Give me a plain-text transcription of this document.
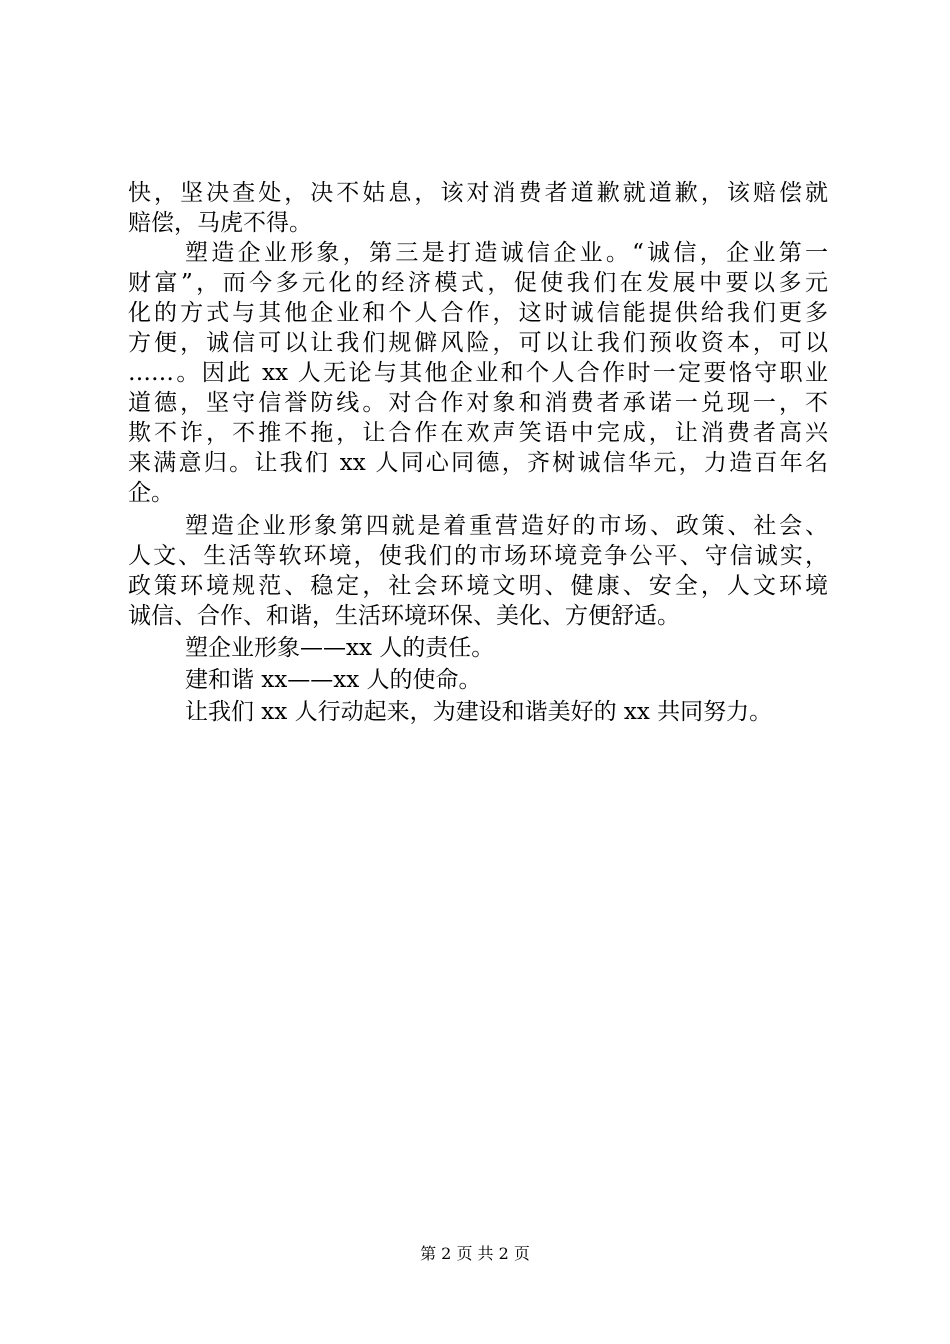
快，坚决查处，决不姑息，该对消费者道歉就道歉，该赔偿就
赔偿，马虎不得。
塑造企业形象，第三是打造诚信企业。“诚信，企业第一
财富”，而今多元化的经济模式，促使我们在发展中要以多元
化的方式与其他企业和个人合作，这时诚信能提供给我们更多
方便，诚信可以让我们规僻风险，可以让我们预收资本，可以
……。因此 xx 人无论与其他企业和个人合作时一定要恪守职业
道德，坚守信誉防线。对合作对象和消费者承诺一兑现一，不
欺不诈，不推不拖，让合作在欢声笑语中完成，让消费者高兴
来满意归。让我们 xx 人同心同德，齐树诚信华元，力造百年名
企。
塑造企业形象第四就是着重营造好的市场、政策、社会、
人文、生活等软环境，使我们的市场环境竞争公平、守信诚实，
政策环境规范、稳定，社会环境文明、健康、安全，人文环境
诚信、合作、和谐，生活环境环保、美化、方便舒适。
塑企业形象——xx 人的责任。
建和谐 xx——xx 人的使命。
让我们 xx 人行动起来，为建设和谐美好的 xx 共同努力。
第 2 页 共 2 页
